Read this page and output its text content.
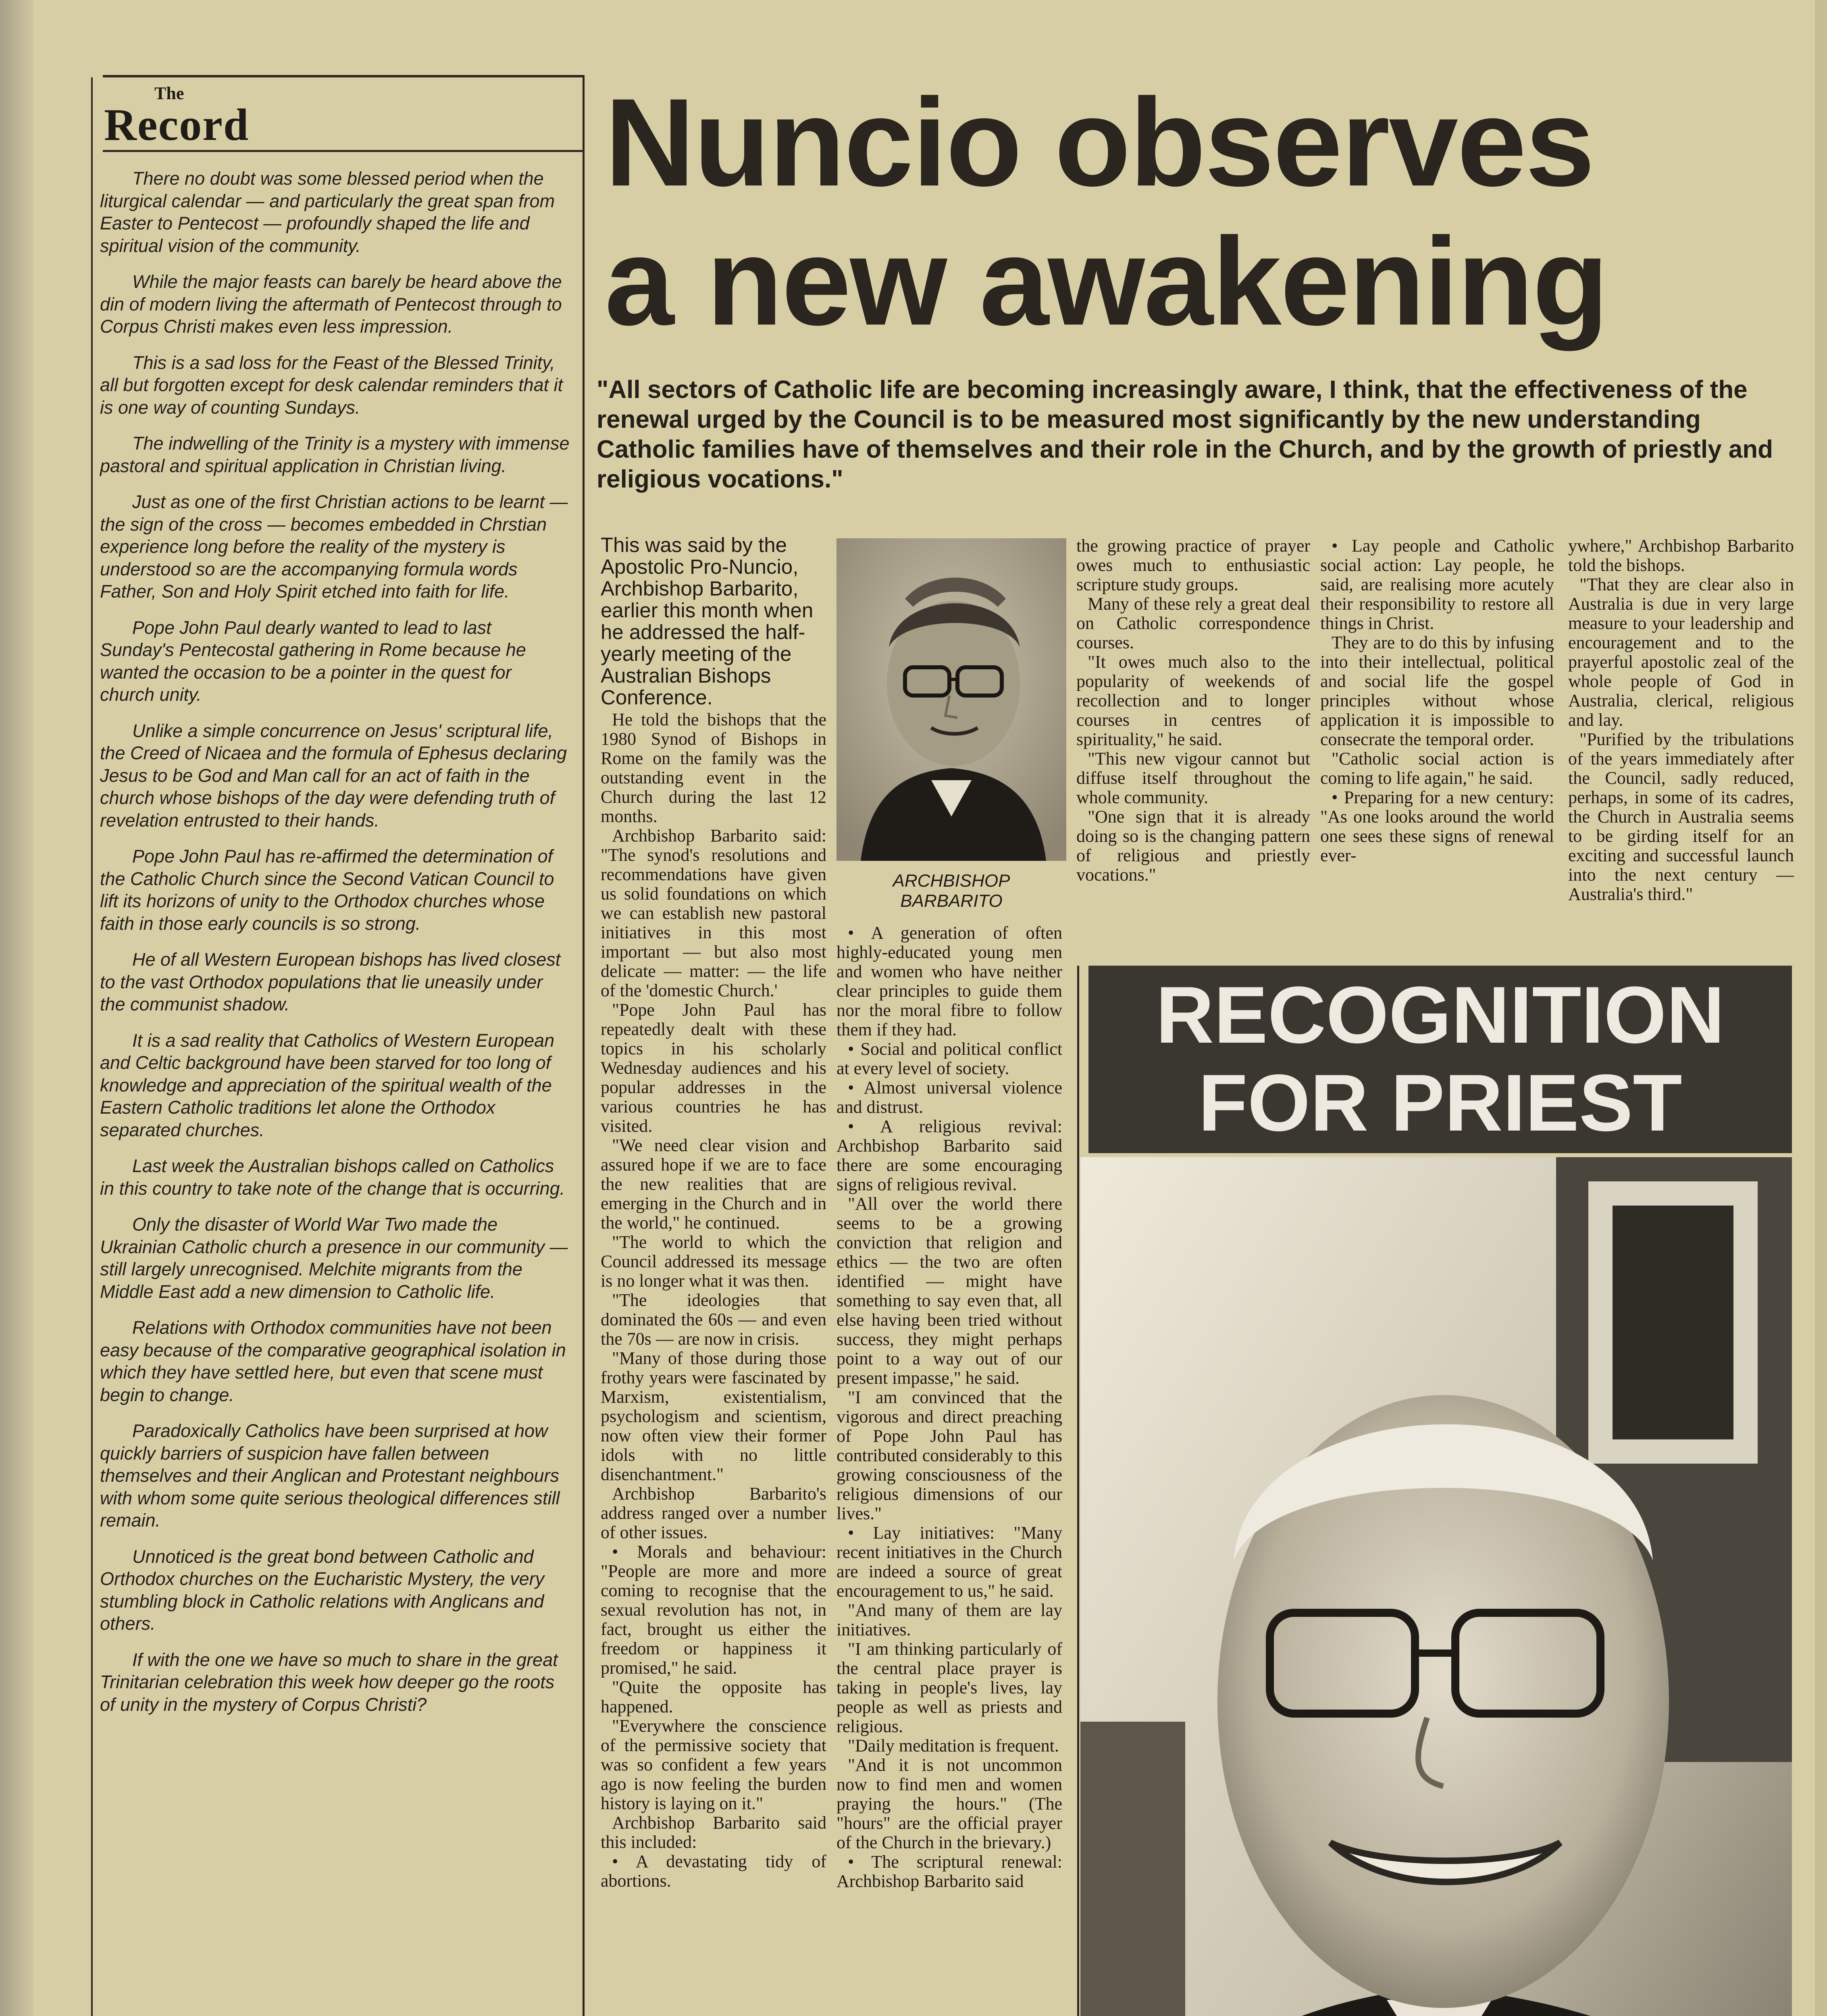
The
Record

There no doubt was some blessed period when the liturgical calendar — and particularly the great span from Easter to Pentecost — profoundly shaped the life and spiritual vision of the community.

While the major feasts can barely be heard above the din of modern living the aftermath of Pentecost through to Corpus Christi makes even less impression.

This is a sad loss for the Feast of the Blessed Trinity, all but forgotten except for desk calendar reminders that it is one way of counting Sundays.

The indwelling of the Trinity is a mystery with immense pastoral and spiritual application in Christian living.

Just as one of the first Christian actions to be learnt — the sign of the cross — becomes embedded in Chrstian experience long before the reality of the mystery is understood so are the accompanying formula words Father, Son and Holy Spirit etched into faith for life.

Pope John Paul dearly wanted to lead to last Sunday's Pentecostal gathering in Rome because he wanted the occasion to be a pointer in the quest for church unity.

Unlike a simple concurrence on Jesus' scriptural life, the Creed of Nicaea and the formula of Ephesus declaring Jesus to be God and Man call for an act of faith in the church whose bishops of the day were defending truth of revelation entrusted to their hands.

Pope John Paul has re-affirmed the determination of the Catholic Church since the Second Vatican Council to lift its horizons of unity to the Orthodox churches whose faith in those early councils is so strong.

He of all Western European bishops has lived closest to the vast Orthodox populations that lie uneasily under the communist shadow.

It is a sad reality that Catholics of Western European and Celtic background have been starved for too long of knowledge and appreciation of the spiritual wealth of the Eastern Catholic traditions let alone the Orthodox separated churches.

Last week the Australian bishops called on Catholics in this country to take note of the change that is occurring.

Only the disaster of World War Two made the Ukrainian Catholic church a presence in our community — still largely unrecognised. Melchite migrants from the Middle East add a new dimension to Catholic life.

Relations with Orthodox communities have not been easy because of the comparative geographical isolation in which they have settled here, but even that scene must begin to change.

Paradoxically Catholics have been surprised at how quickly barriers of suspicion have fallen between themselves and their Anglican and Protestant neighbours with whom some quite serious theological differences still remain.

Unnoticed is the great bond between Catholic and Orthodox churches on the Eucharistic Mystery, the very stumbling block in Catholic relations with Anglicans and others.

If with the one we have so much to share in the great Trinitarian celebration this week how deeper go the roots of unity in the mystery of Corpus Christi?

Nuncio observes
a new awakening
"All sectors of Catholic life are becoming increasingly aware, I think, that the effectiveness of the renewal urged by the Council is to be measured most significantly by the new understanding Catholic families have of themselves and their role in the Church, and by the growth of priestly and religious vocations."
This was said by the Apostolic Pro-Nuncio, Archbishop Barbarito, earlier this month when he addressed the half-yearly meeting of the Australian Bishops Conference.

He told the bishops that the 1980 Synod of Bishops in Rome on the family was the outstanding event in the Church during the last 12 months.

Archbishop Barbarito said: "The synod's resolutions and recommendations have given us solid foundations on which we can establish new pastoral initiatives in this most important — but also most delicate — matter: — the life of the 'domestic Church.'

"Pope John Paul has repeatedly dealt with these topics in his scholarly Wednesday audiences and his popular addresses in the various countries he has visited.

"We need clear vision and assured hope if we are to face the new realities that are emerging in the Church and in the world," he continued.

"The world to which the Council addressed its message is no longer what it was then.

"The ideologies that dominated the 60s — and even the 70s — are now in crisis.

"Many of those during those frothy years were fascinated by Marxism, existentialism, psychologism and scientism, now often view their former idols with no little disenchantment."

Archbishop Barbarito's address ranged over a number of other issues.

• Morals and behaviour: "People are more and more coming to recognise that the sexual revolution has not, in fact, brought us either the freedom or happiness it promised," he said.

"Quite the opposite has happened.

"Everywhere the conscience of the permissive society that was so confident a few years ago is now feeling the burden history is laying on it."

Archbishop Barbarito said this included:

• A devastating tidy of abortions.

ARCHBISHOP BARBARITO

• A generation of often highly-educated young men and women who have neither clear principles to guide them nor the moral fibre to follow them if they had.

• Social and political conflict at every level of society.

• Almost universal violence and distrust.

• A religious revival: Archbishop Barbarito said there are some encouraging signs of religious revival.

"All over the world there seems to be a growing conviction that religion and ethics — the two are often identified — might have something to say even that, all else having been tried without success, they might perhaps point to a way out of our present impasse," he said.

"I am convinced that the vigorous and direct preaching of Pope John Paul has contributed considerably to this growing consciousness of the religious dimensions of our lives."

• Lay initiatives: "Many recent initiatives in the Church are indeed a source of great encouragement to us," he said.

"And many of them are lay initiatives.

"I am thinking particularly of the central place prayer is taking in people's lives, lay people as well as priests and religious.

"Daily meditation is frequent.

"And it is not uncommon now to find men and women praying the hours." (The "hours" are the official prayer of the Church in the brievary.)

• The scriptural renewal: Archbishop Barbarito said

the growing practice of prayer owes much to enthusiastic scripture study groups.

Many of these rely a great deal on Catholic correspondence courses.

"It owes much also to the popularity of weekends of recollection and to longer courses in centres of spirituality," he said.

"This new vigour cannot but diffuse itself throughout the whole community.

"One sign that it is already doing so is the changing pattern of religious and priestly vocations."

• Lay people and Catholic social action: Lay people, he said, are realising more acutely their responsibility to restore all things in Christ.

They are to do this by infusing into their intellectual, political and social life the gospel principles without whose application it is impossible to consecrate the temporal order.

"Catholic social action is coming to life again," he said.

• Preparing for a new century: "As one looks around the world one sees these signs of renewal ever-

ywhere," Archbishop Barbarito told the bishops.

"That they are clear also in Australia is due in very large measure to your leadership and encouragement and to the prayerful apostolic zeal of the whole people of God in Australia, clerical, religious and lay.

"Purified by the tribulations of the years immediately after the Council, sadly reduced, perhaps, in some of its cadres, the Church in Australia seems to be girding itself for an exciting and successful launch into the next century — Australia's third."

RECOGNITION
FOR PRIEST
